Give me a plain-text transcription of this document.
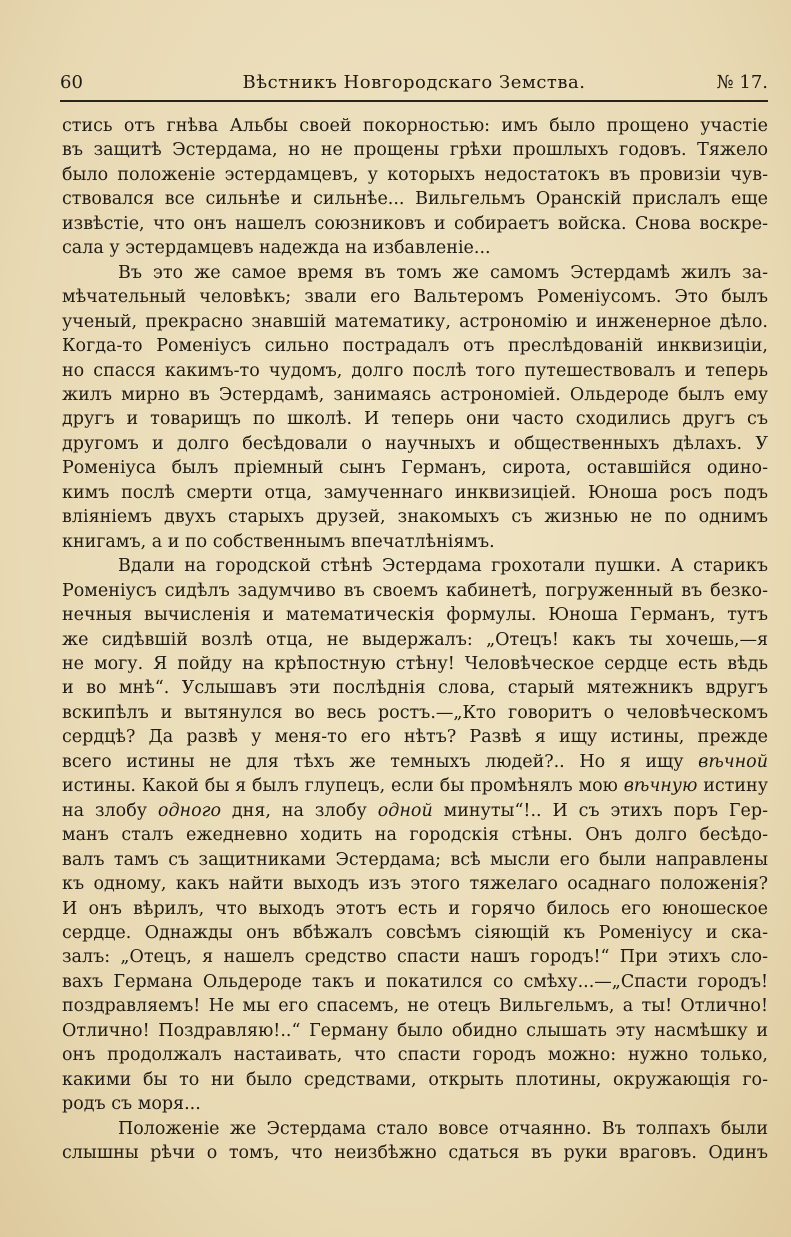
60	Вѣстникъ Новгородскаго Земства.	№ 17.
стись отъ гнѣва Альбы своей покорностью: имъ было прощено участіе
въ защитѣ Эстердама, но не прощены грѣхи прошлыхъ годовъ. Тяжело
было положеніе эстердамцевъ, у которыхъ недостатокъ въ провизіи чув-
ствовался все сильнѣе и сильнѣе... Вильгельмъ Оранскій прислалъ еще
извѣстіе, что онъ нашелъ союзниковъ и собираетъ войска. Снова воскре-
сала у эстердамцевъ надежда на избавленіе...
Въ это же самое время въ томъ же самомъ Эстердамѣ жилъ за-
мѣчательный человѣкъ; звали его Вальтеромъ Роменіусомъ. Это былъ
ученый, прекрасно знавшій математику, астрономію и инженерное дѣло.
Когда-то Роменіусъ сильно пострадалъ отъ преслѣдованій инквизиціи,
но спасся какимъ-то чудомъ, долго послѣ того путешествовалъ и теперь
жилъ мирно въ Эстердамѣ, занимаясь астрономіей. Ольдероде былъ ему
другъ и товарищъ по школѣ. И теперь они часто сходились другъ съ
другомъ и долго бесѣдовали о научныхъ и общественныхъ дѣлахъ. У
Роменіуса былъ пріемный сынъ Германъ, сирота, оставшійся одино-
кимъ послѣ смерти отца, замученнаго инквизиціей. Юноша росъ подъ
вліяніемъ двухъ старыхъ друзей, знакомыхъ съ жизнью не по однимъ
книгамъ, а и по собственнымъ впечатлѣніямъ.
Вдали на городской стѣнѣ Эстердама грохотали пушки. А старикъ
Роменіусъ сидѣлъ задумчиво въ своемъ кабинетѣ, погруженный въ безко-
нечныя вычисленія и математическія формулы. Юноша Германъ, тутъ
же сидѣвшій возлѣ отца, не выдержалъ: „Отецъ! какъ ты хочешь,—я
не могу. Я пойду на крѣпостную стѣну! Человѣческое сердце есть вѣдь
и во мнѣ“. Услышавъ эти послѣднія слова, старый мятежникъ вдругъ
вскипѣлъ и вытянулся во весь ростъ.—„Кто говоритъ о человѣческомъ
сердцѣ? Да развѣ у меня-то его нѣтъ? Развѣ я ищу истины, прежде
всего истины не для тѣхъ же темныхъ людей?.. Но я ищу вѣчной
истины. Какой бы я былъ глупецъ, если бы промѣнялъ мою вѣчную истину
на злобу одного дня, на злобу одной минуты“!.. И съ этихъ поръ Гер-
манъ сталъ ежедневно ходить на городскія стѣны. Онъ долго бесѣдо-
валъ тамъ съ защитниками Эстердама; всѣ мысли его были направлены
къ одному, какъ найти выходъ изъ этого тяжелаго осаднаго положенія?
И онъ вѣрилъ, что выходъ этотъ есть и горячо билось его юношеское
сердце. Однажды онъ вбѣжалъ совсѣмъ сіяющій къ Роменіусу и ска-
залъ: „Отецъ, я нашелъ средство спасти нашъ городъ!“ При этихъ сло-
вахъ Германа Ольдероде такъ и покатился со смѣху...—„Спасти городъ!
поздравляемъ! Не мы его спасемъ, не отецъ Вильгельмъ, а ты! Отлично!
Отлично! Поздравляю!..“ Герману было обидно слышать эту насмѣшку и
онъ продолжалъ настаивать, что спасти городъ можно: нужно только,
какими бы то ни было средствами, открыть плотины, окружающія го-
родъ съ моря...
Положеніе же Эстердама стало вовсе отчаянно. Въ толпахъ были
слышны рѣчи о томъ, что неизбѣжно сдаться въ руки враговъ. Одинъ
